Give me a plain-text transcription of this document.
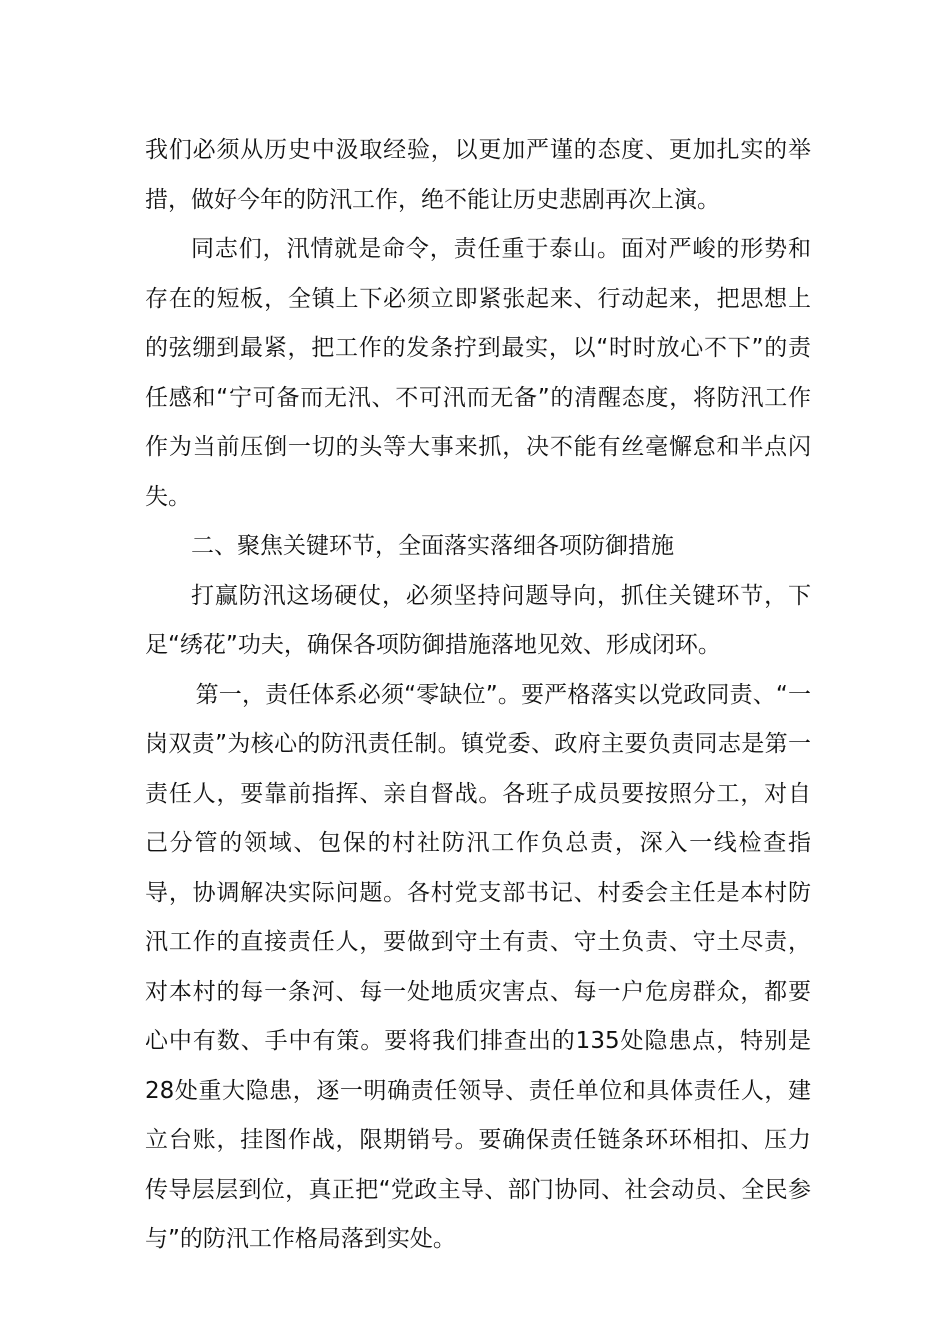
我们必须从历史中汲取经验，以更加严谨的态度、更加扎实的举措，做好今年的防汛工作，绝不能让历史悲剧再次上演。

同志们，汛情就是命令，责任重于泰山。面对严峻的形势和存在的短板，全镇上下必须立即紧张起来、行动起来，把思想上的弦绷到最紧，把工作的发条拧到最实，以“时时放心不下”的责任感和“宁可备而无汛、不可汛而无备”的清醒态度，将防汛工作作为当前压倒一切的头等大事来抓，决不能有丝毫懈怠和半点闪失。

二、聚焦关键环节，全面落实落细各项防御措施

打赢防汛这场硬仗，必须坚持问题导向，抓住关键环节，下足“绣花”功夫，确保各项防御措施落地见效、形成闭环。

第一，责任体系必须“零缺位”。要严格落实以党政同责、“一岗双责”为核心的防汛责任制。镇党委、政府主要负责同志是第一责任人，要靠前指挥、亲自督战。各班子成员要按照分工，对自己分管的领域、包保的村社防汛工作负总责，深入一线检查指导，协调解决实际问题。各村党支部书记、村委会主任是本村防汛工作的直接责任人，要做到守土有责、守土负责、守土尽责，对本村的每一条河、每一处地质灾害点、每一户危房群众，都要心中有数、手中有策。要将我们排查出的135处隐患点，特别是28处重大隐患，逐一明确责任领导、责任单位和具体责任人，建立台账，挂图作战，限期销号。要确保责任链条环环相扣、压力传导层层到位，真正把“党政主导、部门协同、社会动员、全民参与”的防汛工作格局落到实处。
